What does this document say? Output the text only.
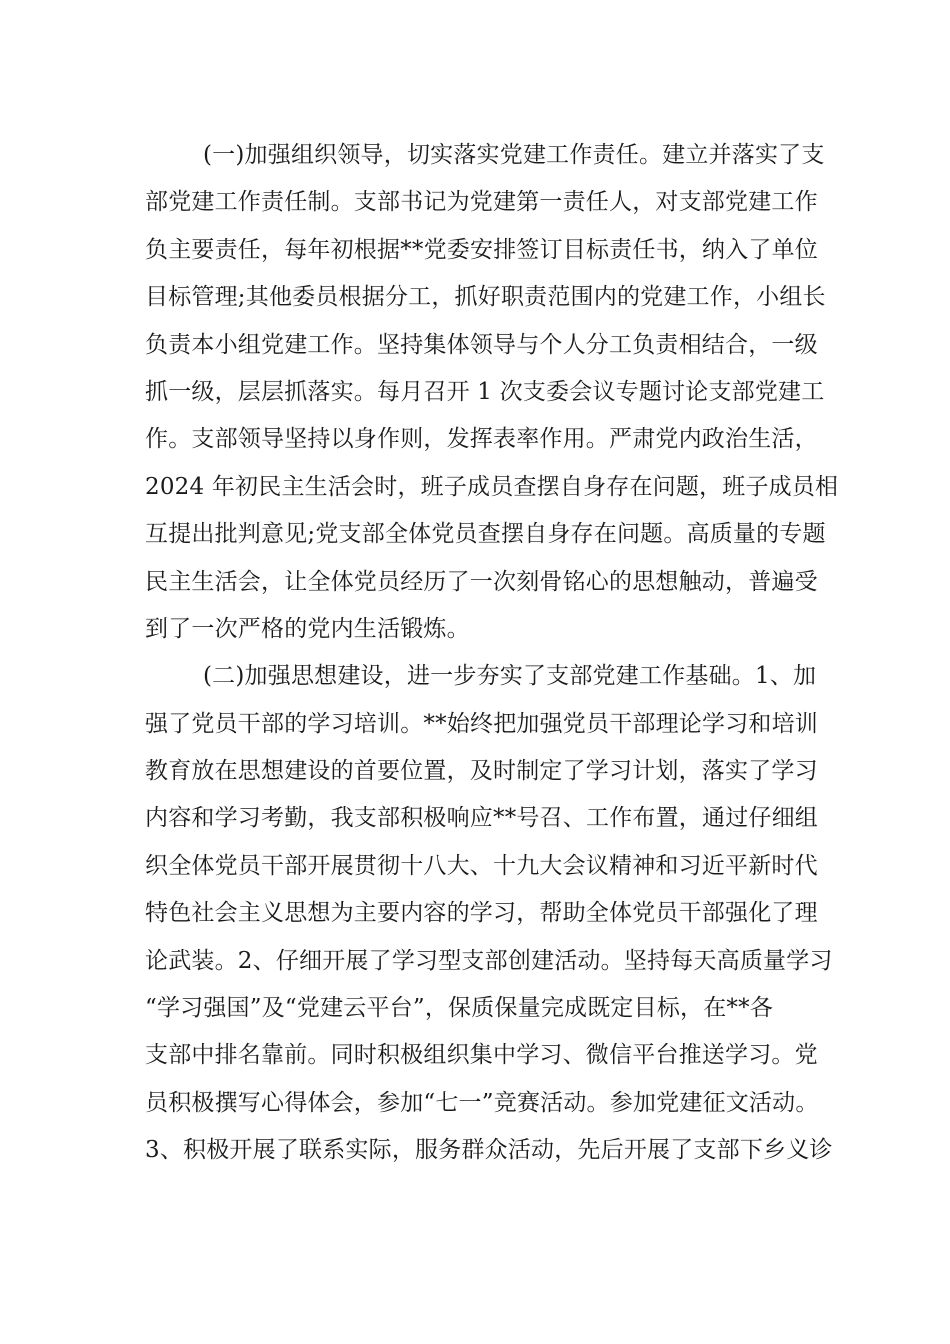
(一)加强组织领导，切实落实党建工作责任。建立并落实了支
部党建工作责任制。支部书记为党建第一责任人，对支部党建工作
负主要责任，每年初根据**党委安排签订目标责任书，纳入了单位
目标管理;其他委员根据分工，抓好职责范围内的党建工作，小组长
负责本小组党建工作。坚持集体领导与个人分工负责相结合，一级
抓一级，层层抓落实。每月召开 1 次支委会议专题讨论支部党建工
作。支部领导坚持以身作则，发挥表率作用。严肃党内政治生活，
2024 年初民主生活会时，班子成员查摆自身存在问题，班子成员相
互提出批判意见;党支部全体党员查摆自身存在问题。高质量的专题
民主生活会，让全体党员经历了一次刻骨铭心的思想触动，普遍受
到了一次严格的党内生活锻炼。
(二)加强思想建设，进一步夯实了支部党建工作基础。1、加
强了党员干部的学习培训。**始终把加强党员干部理论学习和培训
教育放在思想建设的首要位置，及时制定了学习计划，落实了学习
内容和学习考勤，我支部积极响应**号召、工作布置，通过仔细组
织全体党员干部开展贯彻十八大、十九大会议精神和习近平新时代
特色社会主义思想为主要内容的学习，帮助全体党员干部强化了理
论武装。2、仔细开展了学习型支部创建活动。坚持每天高质量学习
“学习强国”及“党建云平台”，保质保量完成既定目标，在**各
支部中排名靠前。同时积极组织集中学习、微信平台推送学习。党
员积极撰写心得体会，参加“七一”竞赛活动。参加党建征文活动。
3、积极开展了联系实际，服务群众活动，先后开展了支部下乡义诊
